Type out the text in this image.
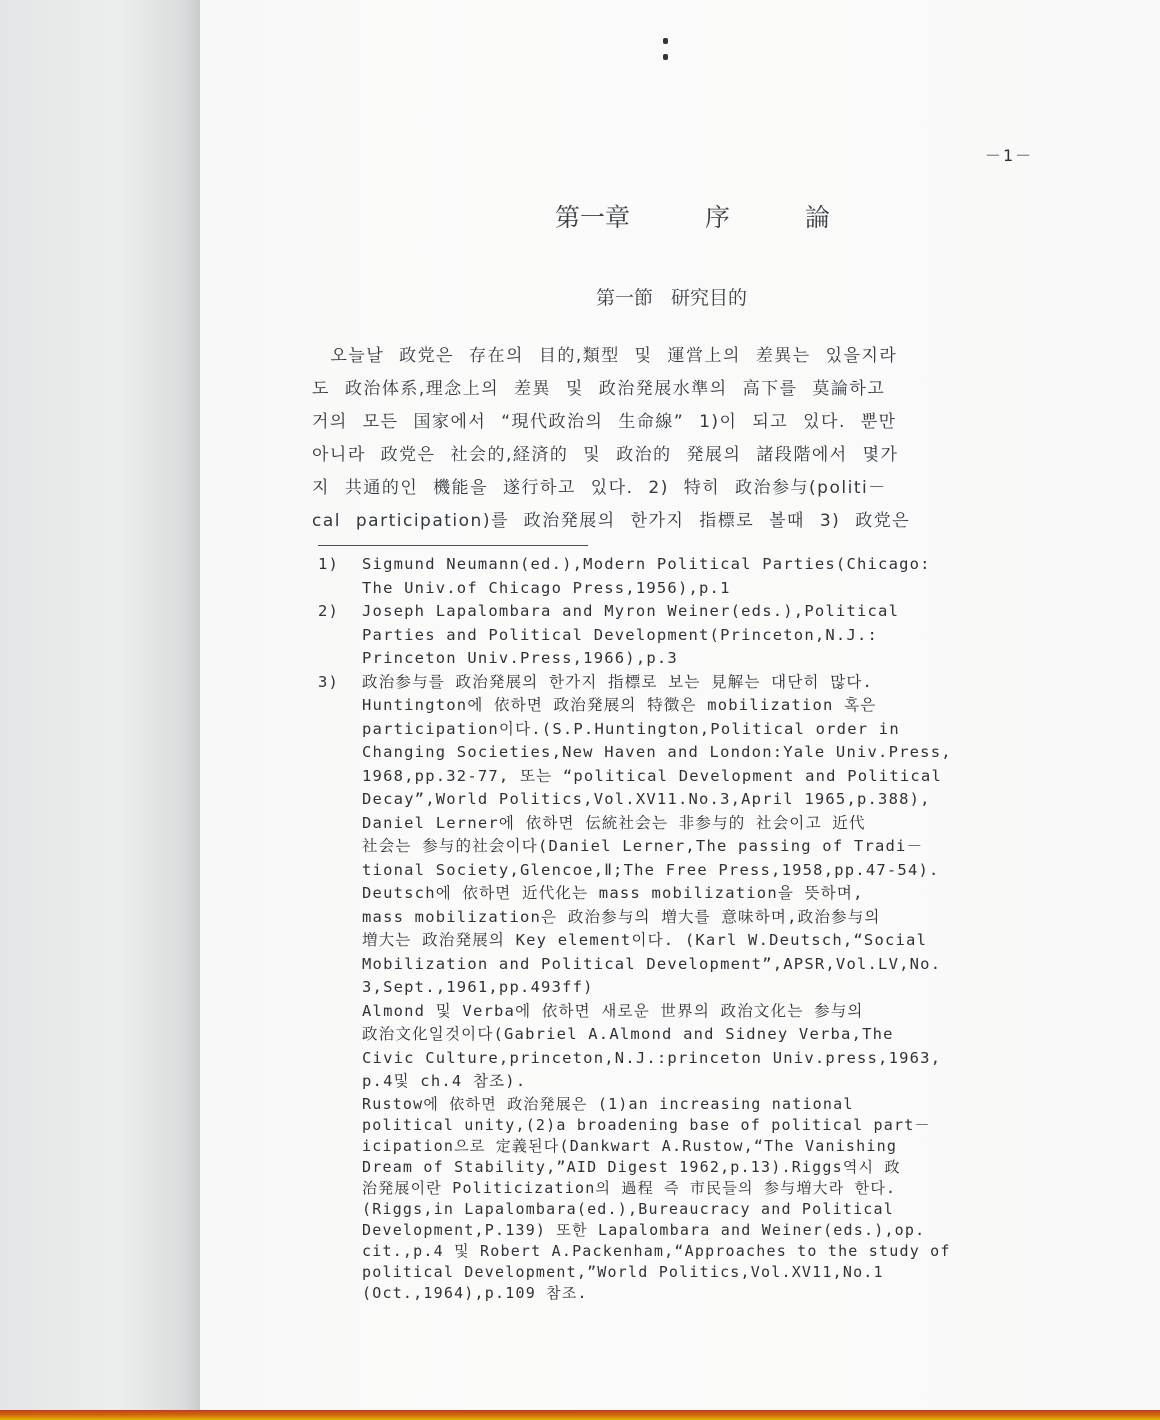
－1－
第一章	序	論
第一節 研究目的
　오늘날 政党은 存在의 目的,類型 및 運営上의 差異는 있을지라
도 政治体系,理念上의 差異 및 政治発展水準의 高下를 莫論하고
거의 모든 国家에서 “現代政治의 生命線” 1)이 되고 있다. 뿐만
아니라 政党은 社会的,経済的 및 政治的 発展의 諸段階에서 몇가
지 共通的인 機能을 遂行하고 있다. 2) 特히 政治参与(politi－
cal participation)를 政治発展의 한가지 指標로 볼때 3) 政党은
1) Sigmund Neumann(ed.),Modern Political Parties(Chicago:
The Univ.of Chicago Press,1956),p.1
2) Joseph Lapalombara and Myron Weiner(eds.),Political
Parties and Political Development(Princeton,N.J.:
Princeton Univ.Press,1966),p.3
3) 政治参与를 政治発展의 한가지 指標로 보는 見解는 대단히 많다.
Huntington에 依하면 政治発展의 特徴은 mobilization 혹은
participation이다.(S.P.Huntington,Political order in
Changing Societies,New Haven and London:Yale Univ.Press,
1968,pp.32-77, 또는 “political Development and Political
Decay”,World Politics,Vol.XV11.No.3,April 1965,p.388),
Daniel Lerner에 依하면 伝統社会는 非参与的 社会이고 近代
社会는 参与的社会이다(Daniel Lerner,The passing of Tradi－
tional Society,Glencoe,Ⅱ;The Free Press,1958,pp.47-54).
Deutsch에 依하면 近代化는 mass mobilization을 뜻하며,
mass mobilization은 政治参与의 増大를 意味하며,政治参与의
増大는 政治発展의 Key element이다. (Karl W.Deutsch,“Social
Mobilization and Political Development”,APSR,Vol.LV,No.
3,Sept.,1961,pp.493ff)
Almond 및 Verba에 依하면 새로운 世界의 政治文化는 参与의
政治文化일것이다(Gabriel A.Almond and Sidney Verba,The
Civic Culture,princeton,N.J.:princeton Univ.press,1963,
p.4및 ch.4 참조).
Rustow에 依하면 政治発展은 (1)an increasing national
political unity,(2)a broadening base of political part－
icipation으로 定義된다(Dankwart A.Rustow,“The Vanishing
Dream of Stability,”AID Digest 1962,p.13).Riggs역시 政
治発展이란 Politicization의 過程 즉 市民들의 参与増大라 한다.
(Riggs,in Lapalombara(ed.),Bureaucracy and Political
Development,P.139) 또한 Lapalombara and Weiner(eds.),op.
cit.,p.4 및 Robert A.Packenham,“Approaches to the study of
political Development,”World Politics,Vol.XV11,No.1
(Oct.,1964),p.109 참조.
